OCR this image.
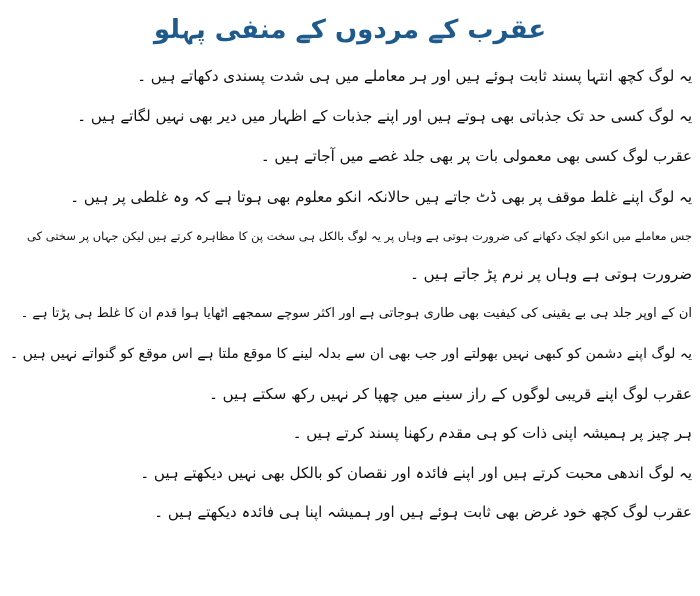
عقرب کے مردوں کے منفی پہلو
یہ لوگ کچھ انتہا پسند ثابت ہوئے ہیں اور ہر معاملے میں ہی شدت پسندی دکھاتے ہیں ۔
یہ لوگ کسی حد تک جذباتی بھی ہوتے ہیں اور اپنے جذبات کے اظہار میں دیر بھی نہیں لگاتے ہیں ۔
عقرب لوگ کسی بھی معمولی بات پر بھی جلد غصے میں آجاتے ہیں ۔
یہ لوگ اپنے غلط موقف پر بھی ڈٹ جاتے ہیں حالانکہ انکو معلوم بھی ہوتا ہے کہ وہ غلطی پر ہیں ۔
جس معاملے میں انکو لچک دکھانے کی ضرورت ہوتی ہے وہاں پر یہ لوگ بالکل ہی سخت پن کا مظاہرہ کرتے ہیں لیکن جہاں پر سختی کی
ضرورت ہوتی ہے وہاں پر نرم پڑ جاتے ہیں ۔
ان کے اوپر جلد ہی بے یقینی کی کیفیت بھی طاری ہوجاتی ہے اور اکثر سوچے سمجھے اٹھایا ہوا قدم ان کا غلط ہی پڑتا ہے ۔
یہ لوگ اپنے دشمن کو کبھی نہیں بھولتے اور جب بھی ان سے بدلہ لینے کا موقع ملتا ہے اس موقع کو گنواتے نہیں ہیں ۔
عقرب لوگ اپنے قریبی لوگوں کے راز سینے میں چھپا کر نہیں رکھ سکتے ہیں ۔
ہر چیز پر ہمیشہ اپنی ذات کو ہی مقدم رکھنا پسند کرتے ہیں ۔
یہ لوگ اندھی محبت کرتے ہیں اور اپنے فائدہ اور نقصان کو بالکل بھی نہیں دیکھتے ہیں ۔
عقرب لوگ کچھ خود غرض بھی ثابت ہوئے ہیں اور ہمیشہ اپنا ہی فائدہ دیکھتے ہیں ۔
